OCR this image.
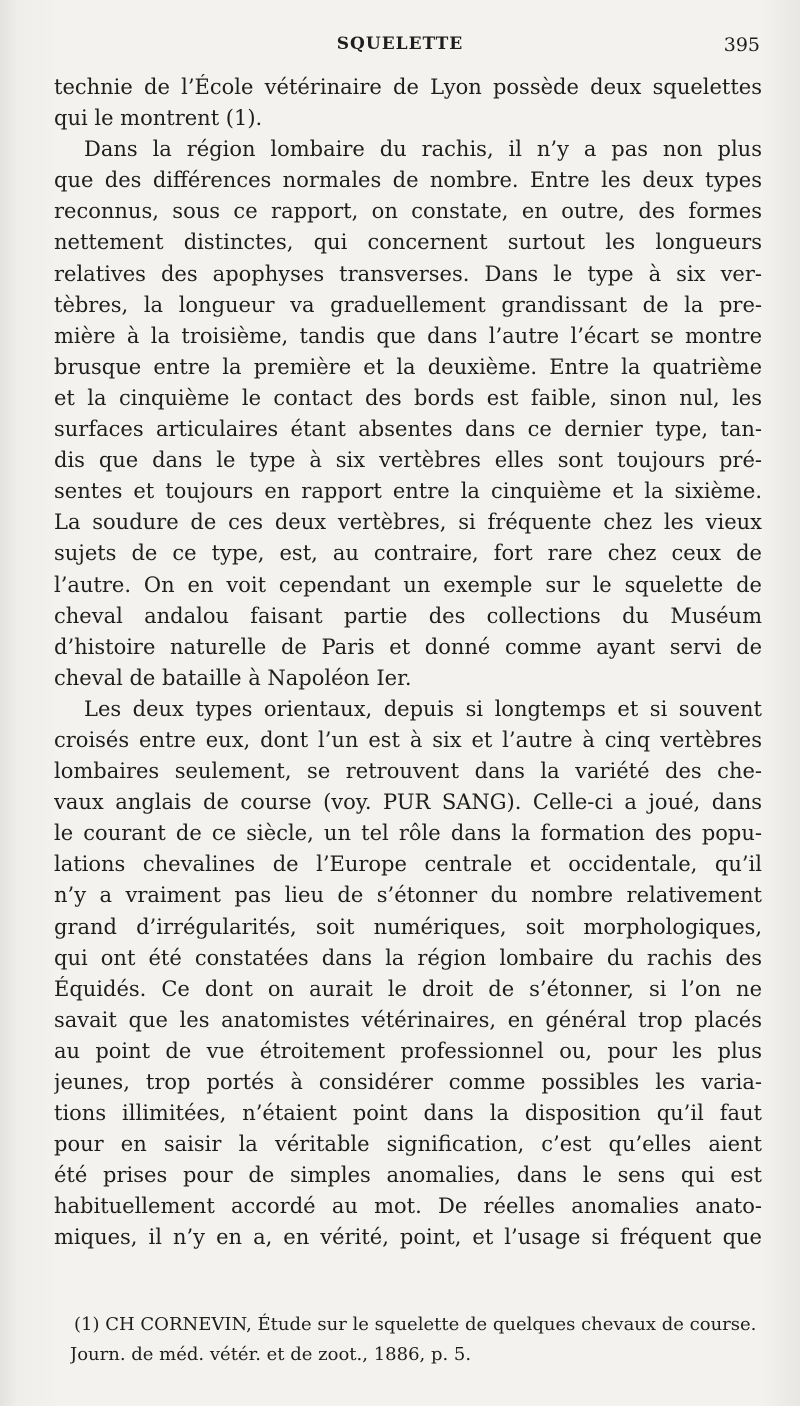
SQUELETTE	395
technie de l’École vétérinaire de Lyon possède deux squelettes
qui le montrent (1).
Dans la région lombaire du rachis, il n’y a pas non plus
que des différences normales de nombre. Entre les deux types
reconnus, sous ce rapport, on constate, en outre, des formes
nettement distinctes, qui concernent surtout les longueurs
relatives des apophyses transverses. Dans le type à six ver-
tèbres, la longueur va graduellement grandissant de la pre-
mière à la troisième, tandis que dans l’autre l’écart se montre
brusque entre la première et la deuxième. Entre la quatrième
et la cinquième le contact des bords est faible, sinon nul, les
surfaces articulaires étant absentes dans ce dernier type, tan-
dis que dans le type à six vertèbres elles sont toujours pré-
sentes et toujours en rapport entre la cinquième et la sixième.
La soudure de ces deux vertèbres, si fréquente chez les vieux
sujets de ce type, est, au contraire, fort rare chez ceux de
l’autre. On en voit cependant un exemple sur le squelette de
cheval andalou faisant partie des collections du Muséum
d’histoire naturelle de Paris et donné comme ayant servi de
cheval de bataille à Napoléon Ier.
Les deux types orientaux, depuis si longtemps et si souvent
croisés entre eux, dont l’un est à six et l’autre à cinq vertèbres
lombaires seulement, se retrouvent dans la variété des che-
vaux anglais de course (voy. PUR SANG). Celle-ci a joué, dans
le courant de ce siècle, un tel rôle dans la formation des popu-
lations chevalines de l’Europe centrale et occidentale, qu’il
n’y a vraiment pas lieu de s’étonner du nombre relativement
grand d’irrégularités, soit numériques, soit morphologiques,
qui ont été constatées dans la région lombaire du rachis des
Équidés. Ce dont on aurait le droit de s’étonner, si l’on ne
savait que les anatomistes vétérinaires, en général trop placés
au point de vue étroitement professionnel ou, pour les plus
jeunes, trop portés à considérer comme possibles les varia-
tions illimitées, n’étaient point dans la disposition qu’il faut
pour en saisir la véritable signification, c’est qu’elles aient
été prises pour de simples anomalies, dans le sens qui est
habituellement accordé au mot. De réelles anomalies anato-
miques, il n’y en a, en vérité, point, et l’usage si fréquent que
(1) CH CORNEVIN, Étude sur le squelette de quelques chevaux de course.
Journ. de méd. vétér. et de zoot., 1886, p. 5.
